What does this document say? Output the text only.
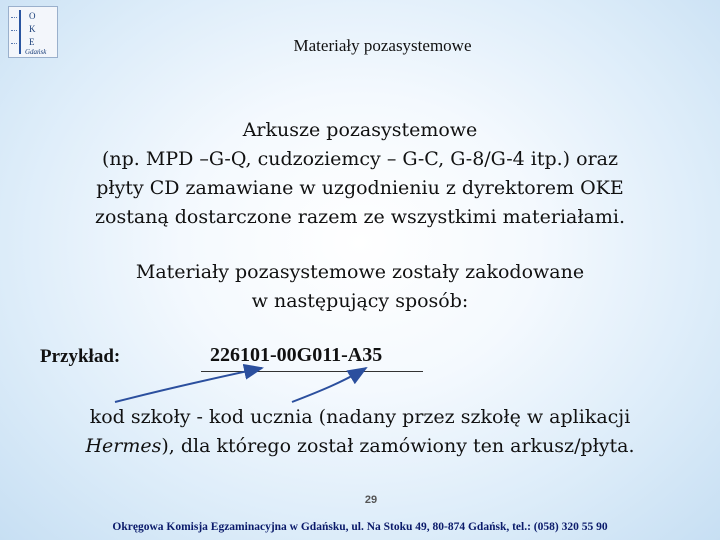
O
K
E
Gdańsk	Materiały pozasystemowe
Arkusze pozasystemowe
(np. MPD –G-Q, cudzoziemcy – G-C, G-8/G-4 itp.) oraz
płyty CD zamawiane w uzgodnieniu z dyrektorem OKE
zostaną dostarczone razem ze wszystkimi materiałami.
Materiały pozasystemowe zostały zakodowane
w następujący sposób:
Przykład:	226101-00G011-A35
kod szkoły - kod ucznia (nadany przez szkołę w aplikacji
Hermes), dla którego został zamówiony ten arkusz/płyta.
29
Okręgowa Komisja Egzaminacyjna w Gdańsku, ul. Na Stoku 49, 80-874 Gdańsk, tel.: (058) 320 55 90
